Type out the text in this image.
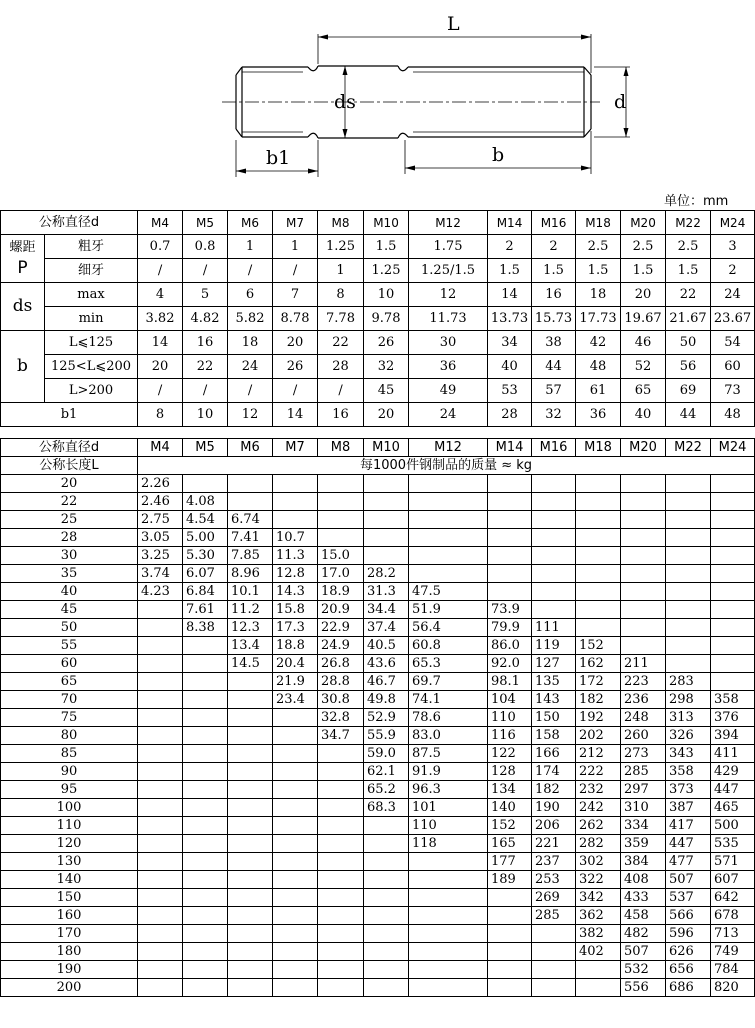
L
ds	d
b1	b
单位：mm
公称直径d		M4	M5	M6	M7	M8	M10	M12	M14	M16	M18	M20	M22	M24

螺距
P	粗牙	0.7	0.8	1	1	1.25	1.5	1.75	2	2	2.5	2.5	2.5	3
	细牙	/	/	/	/	1	1.25	1.25/1.5	1.5	1.5	1.5	1.5	1.5	2
ds	max	4	5	6	7	8	10	12	14	16	18	20	22	24
	min	3.82	4.82	5.82	8.78	7.78	9.78	11.73	13.73	15.73	17.73	19.67	21.67	23.67
b	L⩽125	14	16	18	20	22	26	30	34	38	42	46	50	54
	125<L⩽200	20	22	24	26	28	32	36	40	44	48	52	56	60
	L>200	/	/	/	/	/	45	49	53	57	61	65	69	73
b1		8	10	12	14	16	20	24	28	32	36	40	44	48
公称直径d	M4	M5	M6	M7	M8	M10	M12	M14	M16	M18	M20	M22	M24
公称长度L	每1000件钢制品的质量 ≈ kg												
20	2.26												
22	2.46	4.08											
25	2.75	4.54	6.74										
28	3.05	5.00	7.41	10.7									
30	3.25	5.30	7.85	11.3	15.0								
35	3.74	6.07	8.96	12.8	17.0	28.2							
40	4.23	6.84	10.1	14.3	18.9	31.3	47.5						
45		7.61	11.2	15.8	20.9	34.4	51.9	73.9					
50		8.38	12.3	17.3	22.9	37.4	56.4	79.9	111				
55			13.4	18.8	24.9	40.5	60.8	86.0	119	152			
60			14.5	20.4	26.8	43.6	65.3	92.0	127	162	211		
65				21.9	28.8	46.7	69.7	98.1	135	172	223	283	
70				23.4	30.8	49.8	74.1	104	143	182	236	298	358
75					32.8	52.9	78.6	110	150	192	248	313	376
80					34.7	55.9	83.0	116	158	202	260	326	394
85						59.0	87.5	122	166	212	273	343	411
90						62.1	91.9	128	174	222	285	358	429
95						65.2	96.3	134	182	232	297	373	447
100						68.3	101	140	190	242	310	387	465
110							110	152	206	262	334	417	500
120							118	165	221	282	359	447	535
130								177	237	302	384	477	571
140								189	253	322	408	507	607
150									269	342	433	537	642
160									285	362	458	566	678
170										382	482	596	713
180										402	507	626	749
190											532	656	784
200											556	686	820
